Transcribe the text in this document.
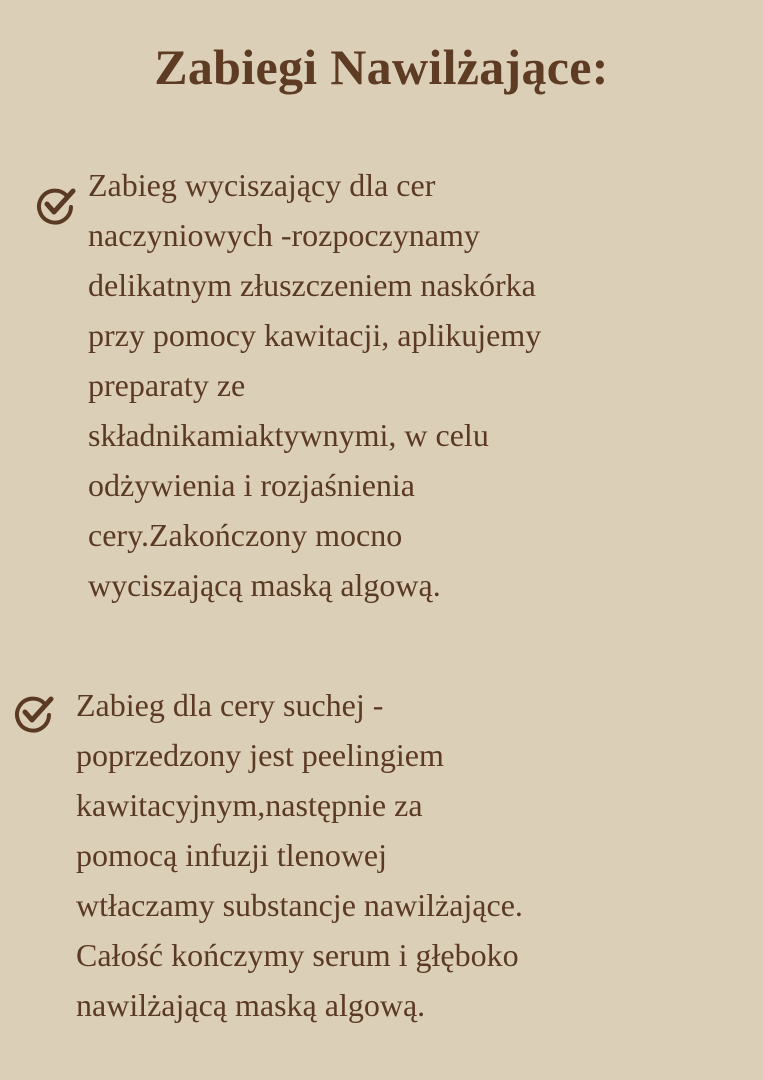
Zabiegi Nawilżające:

Zabieg wyciszający dla cer
naczyniowych -rozpoczynamy
delikatnym złuszczeniem naskórka
przy pomocy kawitacji, aplikujemy
preparaty ze
składnikamiaktywnymi, w celu
odżywienia i rozjaśnienia
cery.Zakończony mocno
wyciszającą maską algową.

Zabieg dla cery suchej -
poprzedzony jest peelingiem
kawitacyjnym,następnie za
pomocą infuzji tlenowej
wtłaczamy substancje nawilżające.
Całość kończymy serum i głęboko
nawilżającą maską algową.
